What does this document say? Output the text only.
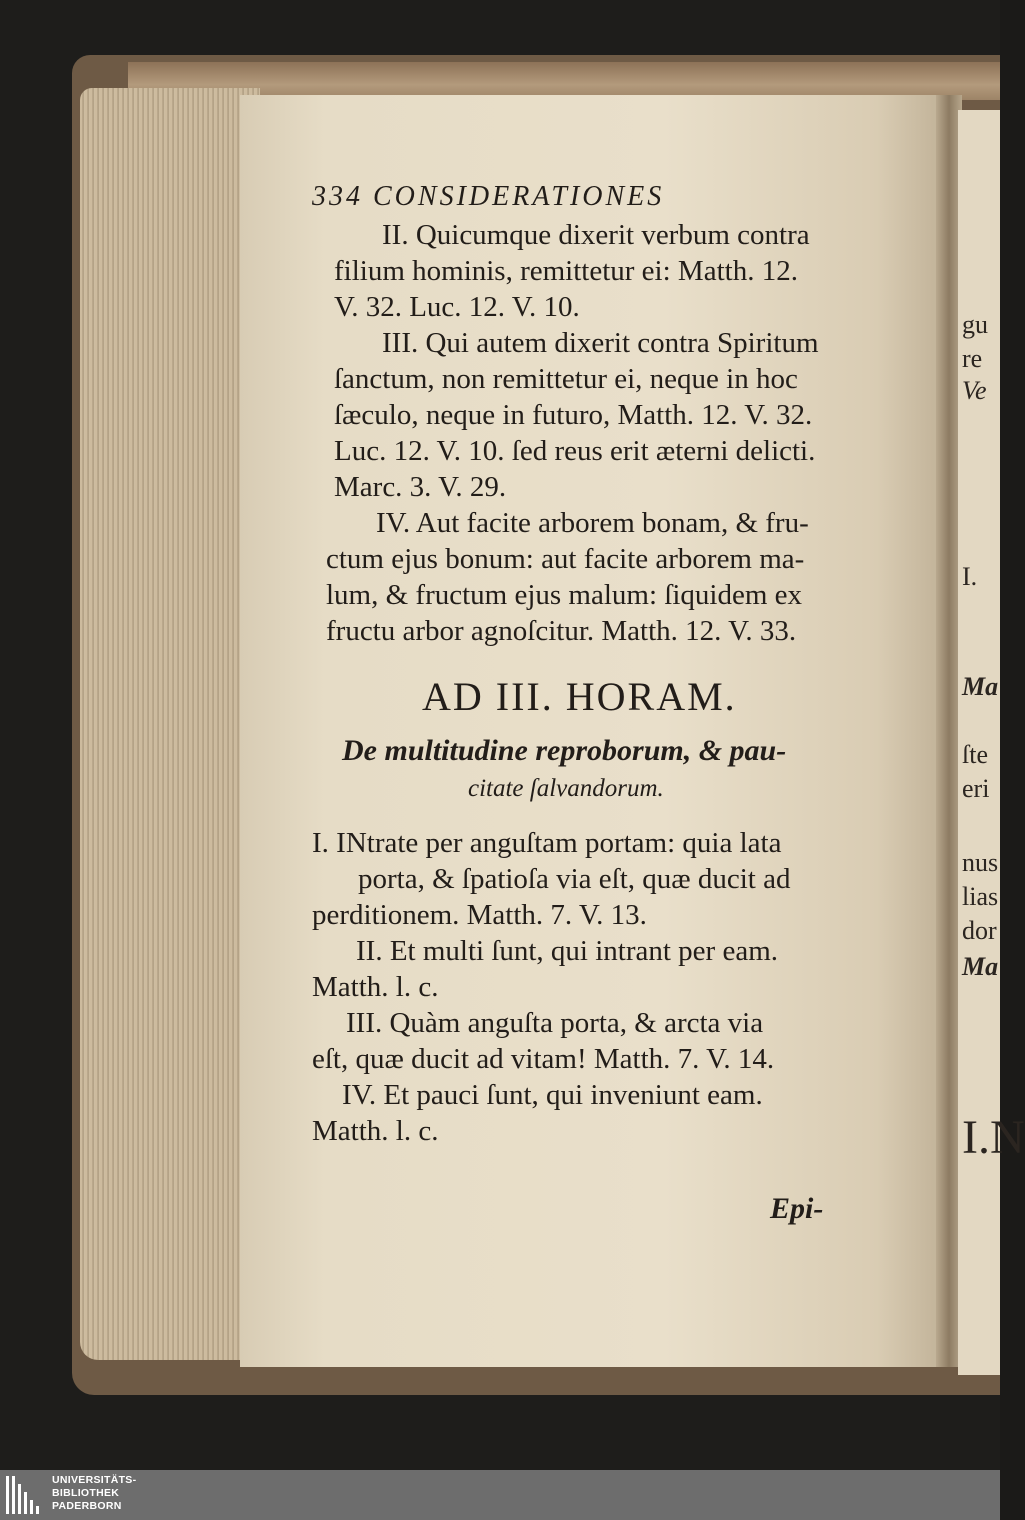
gu
re
Ve
I.
Ma
ſte
eri
nus
lias
dor
Ma
I.N
334 CONSIDERATIONES
II. Quicumque dixerit verbum contra
filium hominis, remittetur ei: Matth. 12.
V. 32. Luc. 12. V. 10.
III. Qui autem dixerit contra Spiritum
ſanctum, non remittetur ei, neque in hoc
ſæculo, neque in futuro, Matth. 12. V. 32.
Luc. 12. V. 10. ſed reus erit æterni delicti.
Marc. 3. V. 29.
IV. Aut facite arborem bonam, & fru-
ctum ejus bonum: aut facite arborem ma-
lum, & fructum ejus malum: ſiquidem ex
fructu arbor agnoſcitur. Matth. 12. V. 33.
AD III. HORAM.
De multitudine reproborum, & pau-
citate ſalvandorum.
I. INtrate per anguſtam portam: quia lata
porta, & ſpatioſa via eſt, quæ ducit ad
perditionem. Matth. 7. V. 13.
II. Et multi ſunt, qui intrant per eam.
Matth. l. c.
III. Quàm anguſta porta, & arcta via
eſt, quæ ducit ad vitam! Matth. 7. V. 14.
IV. Et pauci ſunt, qui inveniunt eam.
Matth. l. c.
Epi-
UNIVERSITÄTS-
BIBLIOTHEK
PADERBORN
